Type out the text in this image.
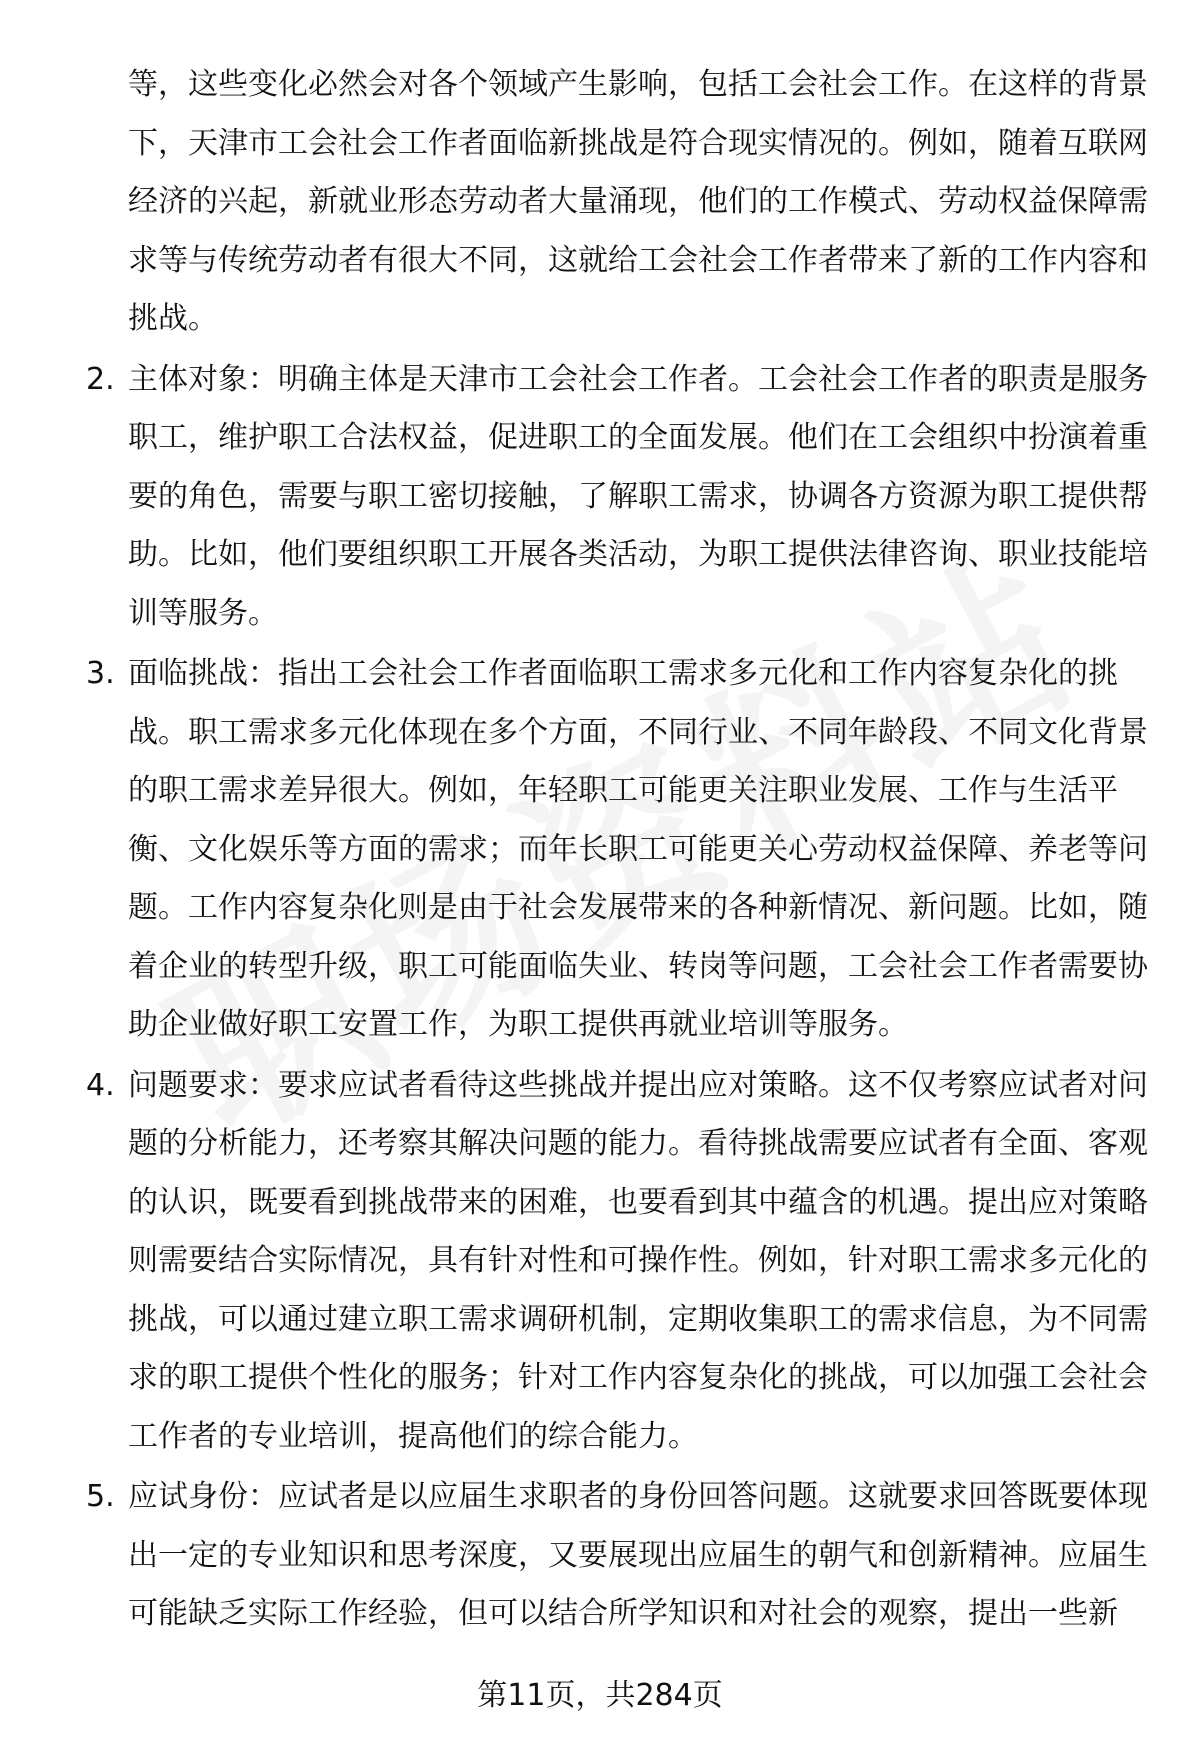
等，这些变化必然会对各个领域产生影响，包括工会社会工作。在这样的背景下，天津市工会社会工作者面临新挑战是符合现实情况的。例如，随着互联网经济的兴起，新就业形态劳动者大量涌现，他们的工作模式、劳动权益保障需求等与传统劳动者有很大不同，这就给工会社会工作者带来了新的工作内容和挑战。
2. 主体对象：明确主体是天津市工会社会工作者。工会社会工作者的职责是服务职工，维护职工合法权益，促进职工的全面发展。他们在工会组织中扮演着重要的角色，需要与职工密切接触，了解职工需求，协调各方资源为职工提供帮助。比如，他们要组织职工开展各类活动，为职工提供法律咨询、职业技能培训等服务。
3. 面临挑战：指出工会社会工作者面临职工需求多元化和工作内容复杂化的挑战。职工需求多元化体现在多个方面，不同行业、不同年龄段、不同文化背景的职工需求差异很大。例如，年轻职工可能更关注职业发展、工作与生活平衡、文化娱乐等方面的需求；而年长职工可能更关心劳动权益保障、养老等问题。工作内容复杂化则是由于社会发展带来的各种新情况、新问题。比如，随着企业的转型升级，职工可能面临失业、转岗等问题，工会社会工作者需要协助企业做好职工安置工作，为职工提供再就业培训等服务。
4. 问题要求：要求应试者看待这些挑战并提出应对策略。这不仅考察应试者对问题的分析能力，还考察其解决问题的能力。看待挑战需要应试者有全面、客观的认识，既要看到挑战带来的困难，也要看到其中蕴含的机遇。提出应对策略则需要结合实际情况，具有针对性和可操作性。例如，针对职工需求多元化的挑战，可以通过建立职工需求调研机制，定期收集职工的需求信息，为不同需求的职工提供个性化的服务；针对工作内容复杂化的挑战，可以加强工会社会工作者的专业培训，提高他们的综合能力。
5. 应试身份：应试者是以应届生求职者的身份回答问题。这就要求回答既要体现出一定的专业知识和思考深度，又要展现出应届生的朝气和创新精神。应届生可能缺乏实际工作经验，但可以结合所学知识和对社会的观察，提出一些新
第11页，共284页
